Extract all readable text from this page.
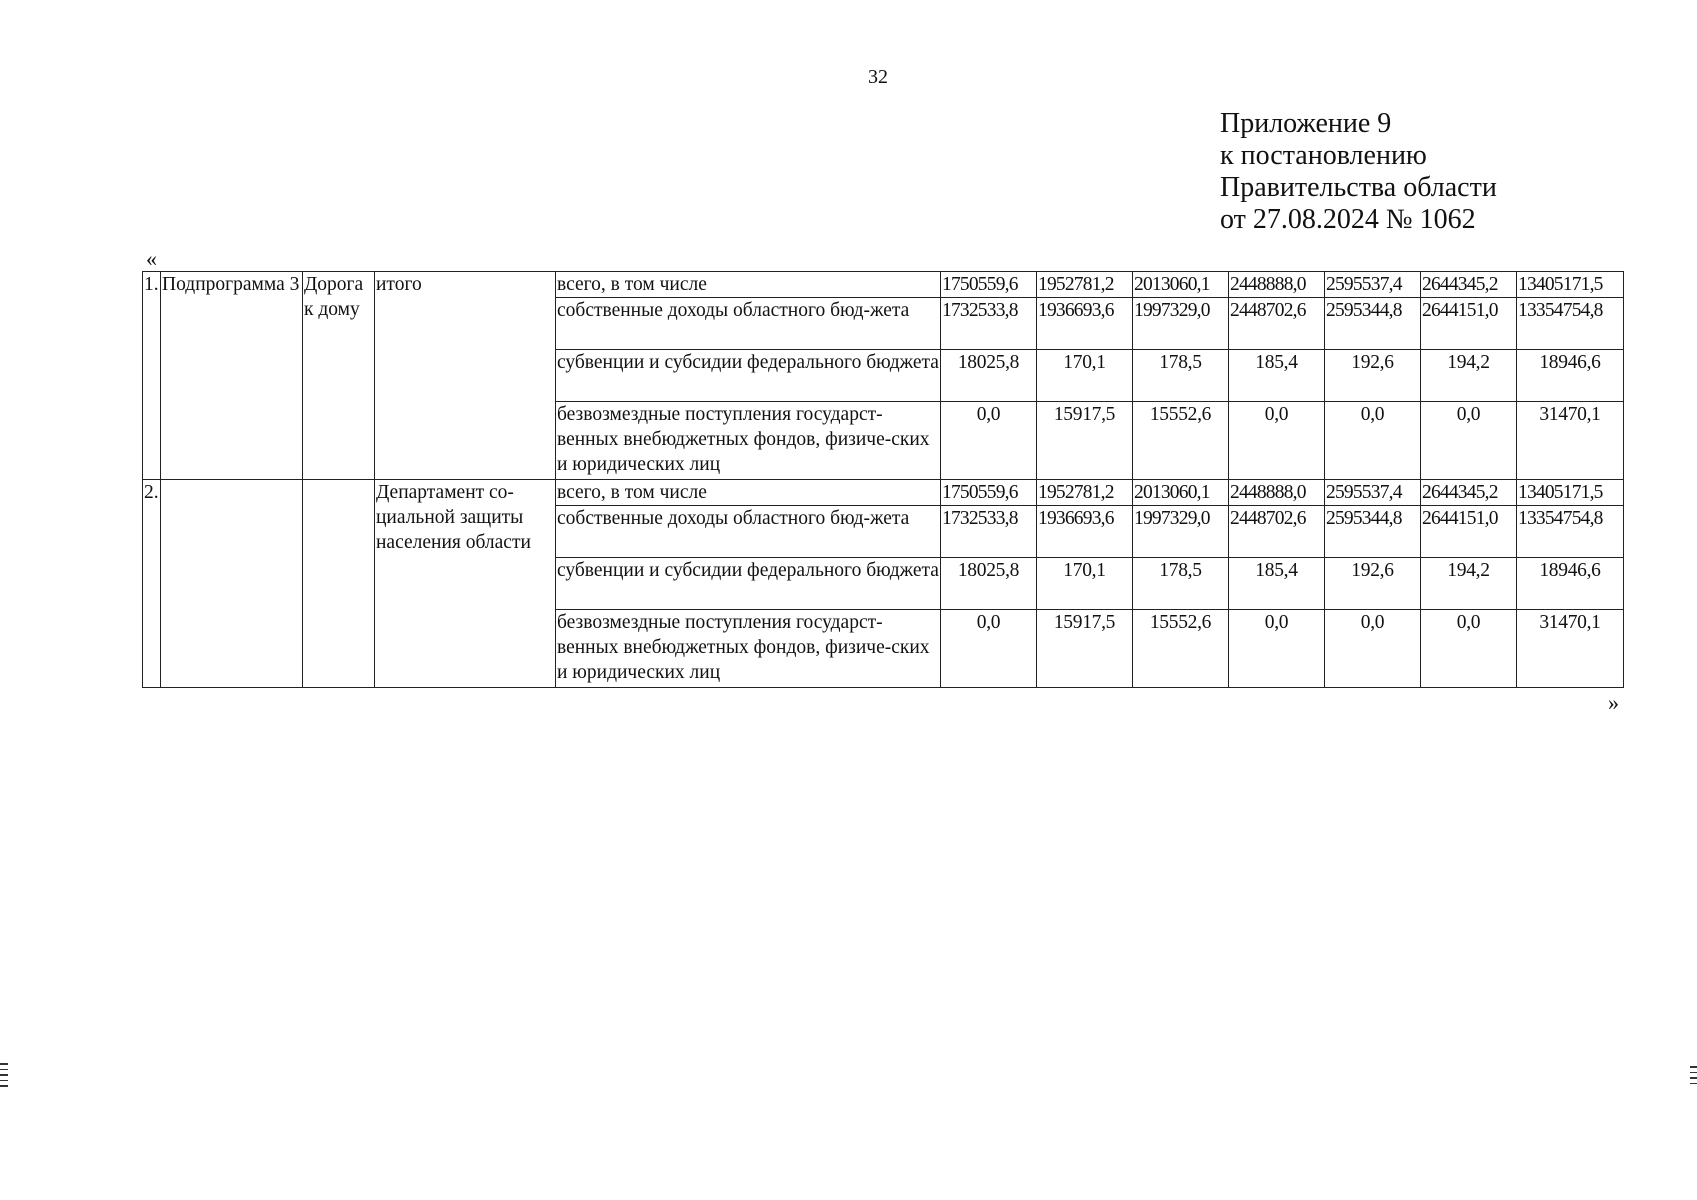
32
Приложение 9
к постановлению
Правительства области
от 27.08.2024 № 1062
«
1.	Подпрограмма 3	Дорога к дому	итого	всего, в том числе	1750559,6	1952781,2	2013060,1	2448888,0	2595537,4	2644345,2	13405171,5
				собственные доходы областного бюд-жета	1732533,8	1936693,6	1997329,0	2448702,6	2595344,8	2644151,0	13354754,8
				субвенции и субсидии федерального бюджета	18025,8	170,1	178,5	185,4	192,6	194,2	18946,6
				безвозмездные поступления государст-венных внебюджетных фондов, физиче-ских и юридических лиц	0,0	15917,5	15552,6	0,0	0,0	0,0	31470,1
2.			Департамент со-циальной защиты населения области	всего, в том числе	1750559,6	1952781,2	2013060,1	2448888,0	2595537,4	2644345,2	13405171,5
				собственные доходы областного бюд-жета	1732533,8	1936693,6	1997329,0	2448702,6	2595344,8	2644151,0	13354754,8
				субвенции и субсидии федерального бюджета	18025,8	170,1	178,5	185,4	192,6	194,2	18946,6
				безвозмездные поступления государст-венных внебюджетных фондов, физиче-ских и юридических лиц	0,0	15917,5	15552,6	0,0	0,0	0,0	31470,1
»
